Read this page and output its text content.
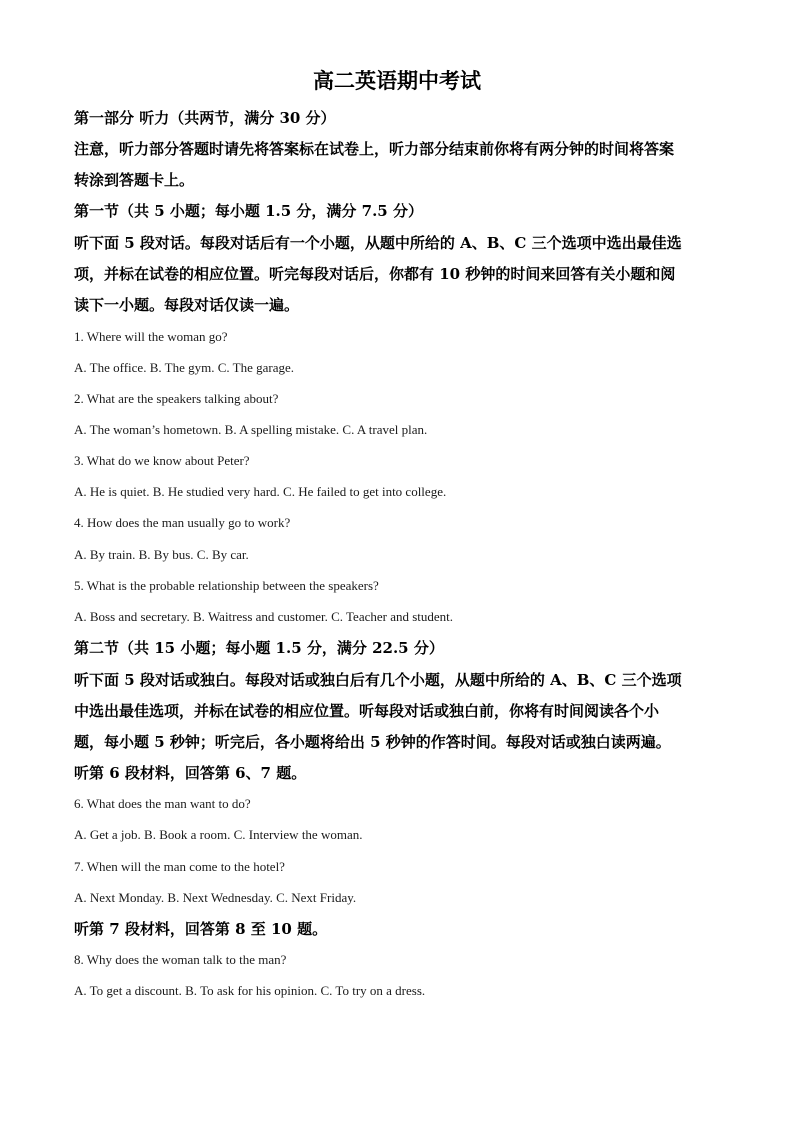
高二英语期中考试
第一部分 听力（共两节，满分 30 分）
注意，听力部分答题时请先将答案标在试卷上，听力部分结束前你将有两分钟的时间将答案
转涂到答题卡上。
第一节（共 5 小题；每小题 1.5 分，满分 7.5 分）
听下面 5 段对话。每段对话后有一个小题，从题中所给的 A、B、C 三个选项中选出最佳选
项，并标在试卷的相应位置。听完每段对话后，你都有 10 秒钟的时间来回答有关小题和阅
读下一小题。每段对话仅读一遍。
1. Where will the woman go?
A. The office. B. The gym. C. The garage.
2. What are the speakers talking about?
A. The woman’s hometown. B. A spelling mistake. C. A travel plan.
3. What do we know about Peter?
A. He is quiet. B. He studied very hard. C. He failed to get into college.
4. How does the man usually go to work?
A. By train. B. By bus. C. By car.
5. What is the probable relationship between the speakers?
A. Boss and secretary. B. Waitress and customer. C. Teacher and student.
第二节（共 15 小题；每小题 1.5 分，满分 22.5 分）
听下面 5 段对话或独白。每段对话或独白后有几个小题，从题中所给的 A、B、C 三个选项
中选出最佳选项，并标在试卷的相应位置。听每段对话或独白前，你将有时间阅读各个小
题，每小题 5 秒钟；听完后，各小题将给出 5 秒钟的作答时间。每段对话或独白读两遍。
听第 6 段材料，回答第 6、7 题。
6. What does the man want to do?
A. Get a job. B. Book a room. C. Interview the woman.
7. When will the man come to the hotel?
A. Next Monday. B. Next Wednesday. C. Next Friday.
听第 7 段材料，回答第 8 至 10 题。
8. Why does the woman talk to the man?
A. To get a discount. B. To ask for his opinion. C. To try on a dress.
